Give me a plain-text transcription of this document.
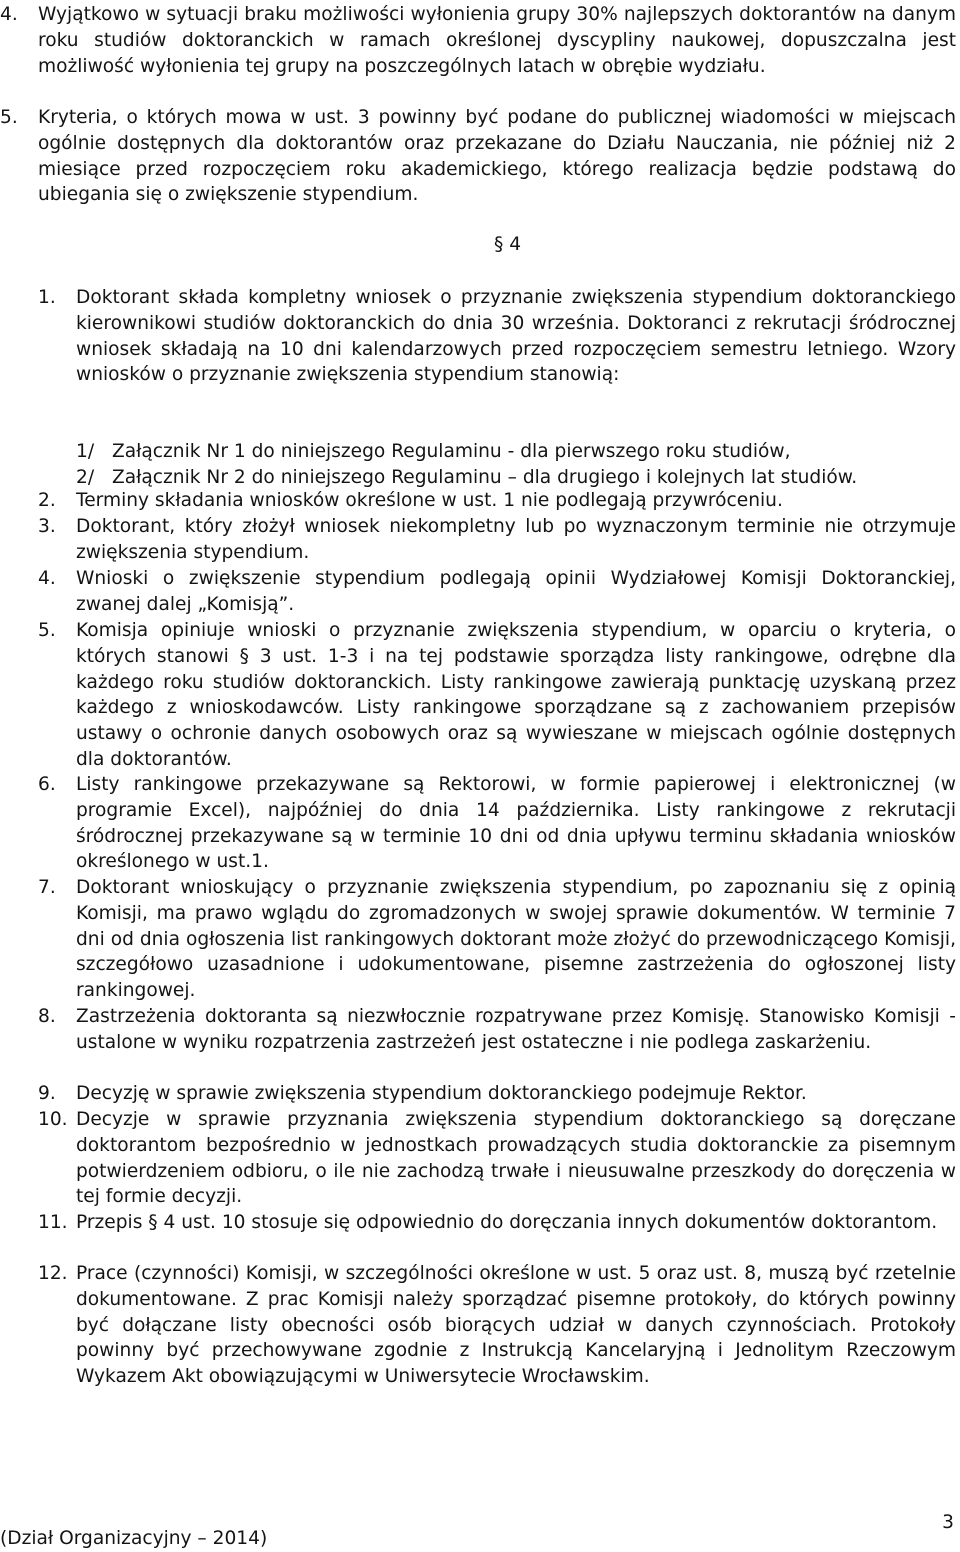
4.	Wyjątkowo w sytuacji braku możliwości wyłonienia grupy 30% najlepszych doktorantów na danym roku studiów doktoranckich w ramach określonej dyscypliny naukowej, dopuszczalna jest możliwość wyłonienia tej grupy na poszczególnych latach w obrębie wydziału.
5.	Kryteria, o których mowa w ust. 3 powinny być podane do publicznej wiadomości w miejscach ogólnie dostępnych dla doktorantów oraz przekazane do Działu Nauczania, nie później niż 2 miesiące przed rozpoczęciem roku akademickiego, którego realizacja będzie podstawą do ubiegania się o zwiększenie stypendium.
§ 4
1.	Doktorant składa kompletny wniosek o przyznanie zwiększenia stypendium doktoranckiego kierownikowi studiów doktoranckich do dnia 30 września. Doktoranci z rekrutacji śródrocznej wniosek składają na 10 dni kalendarzowych przed rozpoczęciem semestru letniego. Wzory wniosków o przyznanie zwiększenia stypendium stanowią:

1/ Załącznik Nr 1 do niniejszego Regulaminu - dla pierwszego roku studiów,
2/ Załącznik Nr 2 do niniejszego Regulaminu – dla drugiego i kolejnych lat studiów.
2.	Terminy składania wniosków określone w ust. 1 nie podlegają przywróceniu.
3.	Doktorant, który złożył wniosek niekompletny lub po wyznaczonym terminie nie otrzymuje zwiększenia stypendium.
4.	Wnioski o zwiększenie stypendium podlegają opinii Wydziałowej Komisji Doktoranckiej, zwanej dalej „Komisją”.
5.	Komisja opiniuje wnioski o przyznanie zwiększenia stypendium, w oparciu o kryteria, o których stanowi § 3 ust. 1-3 i na tej podstawie sporządza listy rankingowe, odrębne dla każdego roku studiów doktoranckich. Listy rankingowe zawierają punktację uzyskaną przez każdego z wnioskodawców. Listy rankingowe sporządzane są z zachowaniem przepisów ustawy o ochronie danych osobowych oraz są wywieszane w miejscach ogólnie dostępnych dla doktorantów.
6.	Listy rankingowe przekazywane są Rektorowi, w formie papierowej i elektronicznej (w programie Excel), najpóźniej do dnia 14 października. Listy rankingowe z rekrutacji śródrocznej przekazywane są w terminie 10 dni od dnia upływu terminu składania wniosków określonego w ust.1.
7.	Doktorant wnioskujący o przyznanie zwiększenia stypendium, po zapoznaniu się z opinią Komisji, ma prawo wglądu do zgromadzonych w swojej sprawie dokumentów. W terminie 7 dni od dnia ogłoszenia list rankingowych doktorant może złożyć do przewodniczącego Komisji, szczegółowo uzasadnione i udokumentowane, pisemne zastrzeżenia do ogłoszonej listy rankingowej.
8.	Zastrzeżenia doktoranta są niezwłocznie rozpatrywane przez Komisję. Stanowisko Komisji - ustalone w wyniku rozpatrzenia zastrzeżeń jest ostateczne i nie podlega zaskarżeniu.
9.	Decyzję w sprawie zwiększenia stypendium doktoranckiego podejmuje Rektor.
10. Decyzje w sprawie przyznania zwiększenia stypendium doktoranckiego są doręczane doktorantom bezpośrednio w jednostkach prowadzących studia doktoranckie za pisemnym potwierdzeniem odbioru, o ile nie zachodzą trwałe i nieusuwalne przeszkody do doręczenia w tej formie decyzji.
11. Przepis § 4 ust. 10 stosuje się odpowiednio do doręczania innych dokumentów doktorantom.
12. Prace (czynności) Komisji, w szczególności określone w ust. 5 oraz ust. 8, muszą być rzetelnie dokumentowane. Z prac Komisji należy sporządzać pisemne protokoły, do których powinny być dołączane listy obecności osób biorących udział w danych czynnościach. Protokoły powinny być przechowywane zgodnie z Instrukcją Kancelaryjną i Jednolitym Rzeczowym Wykazem Akt obowiązującymi w Uniwersytecie Wrocławskim.
3
(Dział Organizacyjny – 2014)
